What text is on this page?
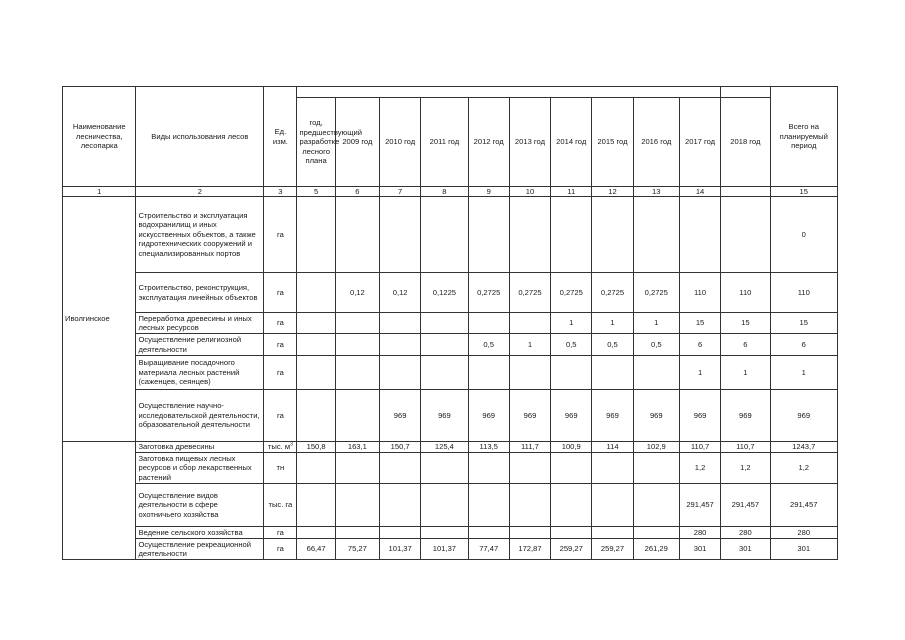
Наименование лесничества, лесопарка	Виды использования лесов	Ед. изм.												Всего на планируемый период
			год, предшествующий разработке лесного плана	2009 год	2010 год	2011 год	2012 год	2013 год	2014 год	2015 год	2016 год	2017 год	2018 год	
1	2	3	5	6	7	8	9	10	11	12	13	14		15
Иволгинское	Строительство и эксплуатация водохранилищ и иных искусственных объектов, а также гидротехнических сооружений и специализированных портов	га												0
	Строительство, реконструкция, эксплуатация линейных объектов	га		0,12	0,12	0,1225	0,2725	0,2725	0,2725	0,2725	0,2725	110	110	110
	Переработка древесины и иных лесных ресурсов	га							1	1	1	15	15	15
	Осуществление религиозной деятельности	га					0,5	1	0,5	0,5	0,5	6	6	6
	Выращивание посадочного материала лесных растений (саженцев, сеянцев)	га										1	1	1
	Осуществление научно-исследовательской деятельности, образовательной деятельности	га			969	969	969	969	969	969	969	969	969	969
	Заготовка древесины	тыс. $м^3$	150,8	163,1	150,7	125,4	113,5	111,7	100,9	114	102,9	110,7	110,7	1243,7
	Заготовка пищевых лесных ресурсов и сбор лекарственных растений	тн										1,2	1,2	1,2
	Осуществление видов деятельности в сфере охотничьего хозяйства	тыс. га										291,457	291,457	291,457
	Ведение сельского хозяйства	га										280	280	280
	Осуществление рекреационной деятельности	га	66,47	75,27	101,37	101,37	77,47	172,87	259,27	259,27	261,29	301	301	301
